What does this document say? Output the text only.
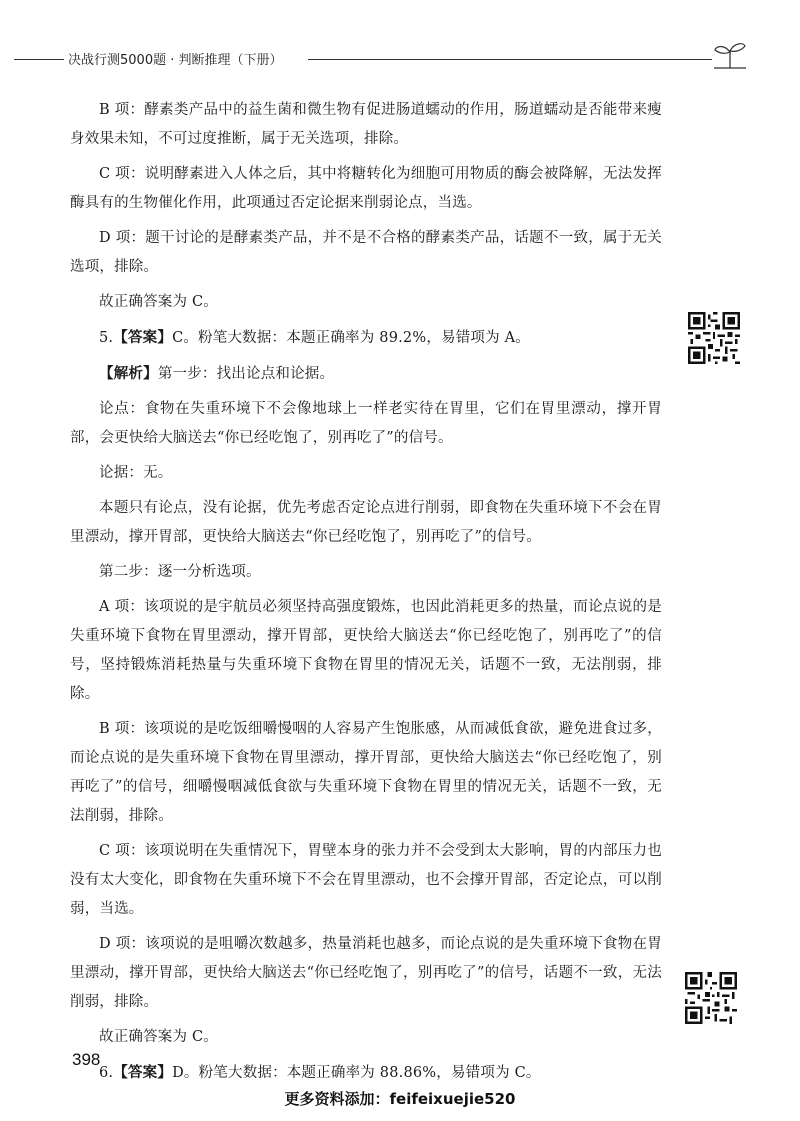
决战行测5000题 · 判断推理（下册）

B 项：酵素类产品中的益生菌和微生物有促进肠道蠕动的作用，肠道蠕动是否能带来瘦身效果未知，不可过度推断，属于无关选项，排除。

C 项：说明酵素进入人体之后，其中将糖转化为细胞可用物质的酶会被降解，无法发挥酶具有的生物催化作用，此项通过否定论据来削弱论点，当选。

D 项：题干讨论的是酵素类产品，并不是不合格的酵素类产品，话题不一致，属于无关选项，排除。

故正确答案为 C。

5.【答案】C。粉笔大数据：本题正确率为 89.2%，易错项为 A。

【解析】第一步：找出论点和论据。

论点：食物在失重环境下不会像地球上一样老实待在胃里，它们在胃里漂动，撑开胃部，会更快给大脑送去“你已经吃饱了，别再吃了”的信号。

论据：无。

本题只有论点，没有论据，优先考虑否定论点进行削弱，即食物在失重环境下不会在胃里漂动，撑开胃部，更快给大脑送去“你已经吃饱了，别再吃了”的信号。

第二步：逐一分析选项。

A 项：该项说的是宇航员必须坚持高强度锻炼，也因此消耗更多的热量，而论点说的是失重环境下食物在胃里漂动，撑开胃部，更快给大脑送去“你已经吃饱了，别再吃了”的信号，坚持锻炼消耗热量与失重环境下食物在胃里的情况无关，话题不一致，无法削弱，排除。

B 项：该项说的是吃饭细嚼慢咽的人容易产生饱胀感，从而减低食欲，避免进食过多，而论点说的是失重环境下食物在胃里漂动，撑开胃部，更快给大脑送去“你已经吃饱了，别再吃了”的信号，细嚼慢咽减低食欲与失重环境下食物在胃里的情况无关，话题不一致，无法削弱，排除。

C 项：该项说明在失重情况下，胃壁本身的张力并不会受到太大影响，胃的内部压力也没有太大变化，即食物在失重环境下不会在胃里漂动，也不会撑开胃部，否定论点，可以削弱，当选。

D 项：该项说的是咀嚼次数越多，热量消耗也越多，而论点说的是失重环境下食物在胃里漂动，撑开胃部，更快给大脑送去“你已经吃饱了，别再吃了”的信号，话题不一致，无法削弱，排除。

故正确答案为 C。

6.【答案】D。粉笔大数据：本题正确率为 88.86%，易错项为 C。

398
更多资料添加：feifeixuejie520
